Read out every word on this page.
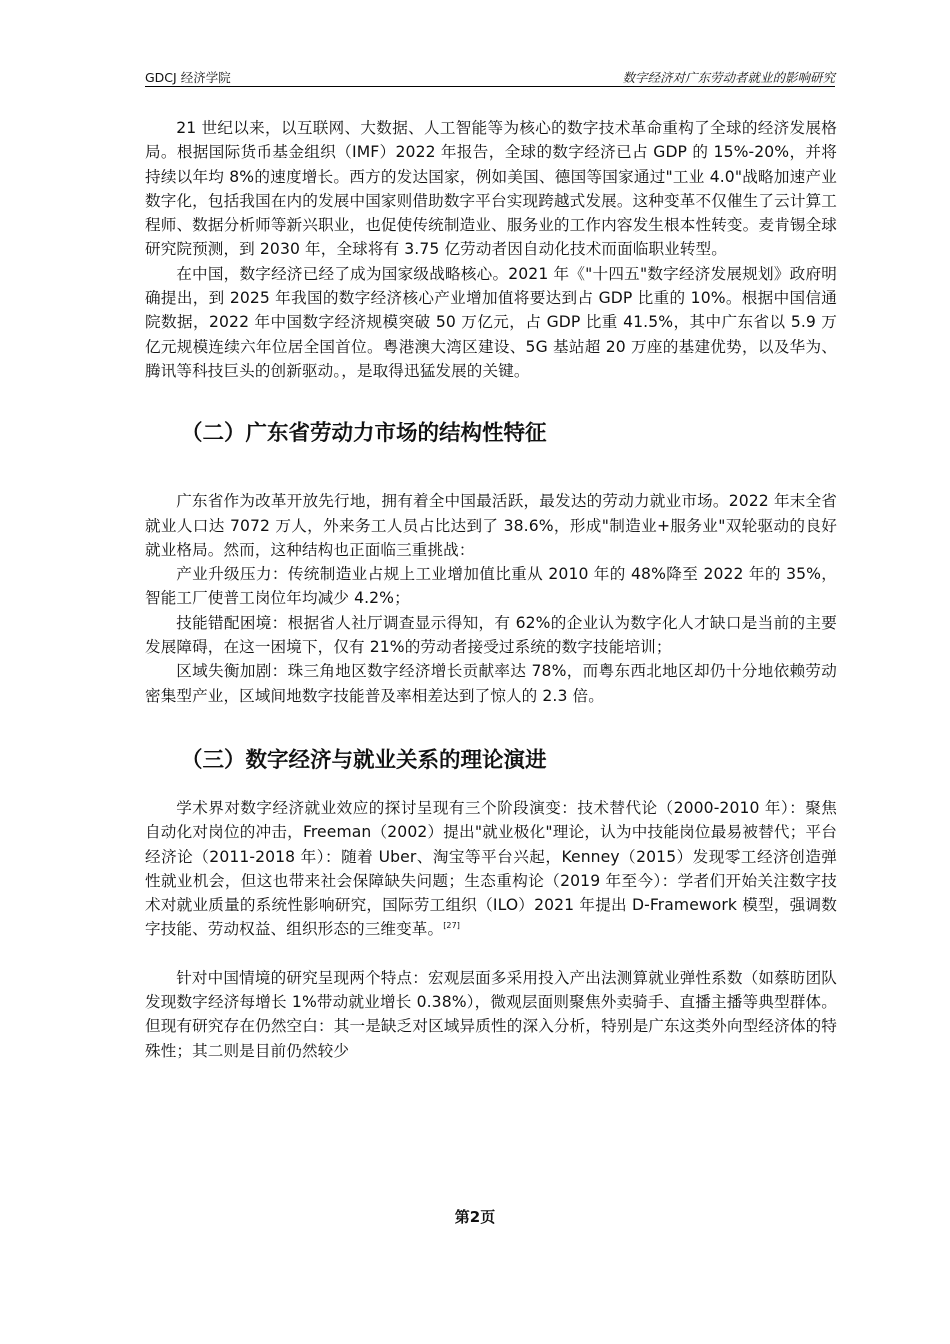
GDCJ 经济学院	数字经济对广东劳动者就业的影响研究

21 世纪以来，以互联网、大数据、人工智能等为核心的数字技术革命重构了全球的经济发展格局。根据国际货币基金组织（IMF）2022 年报告，全球的数字经济已占 GDP 的 15%-20%，并将持续以年均 8%的速度增长。西方的发达国家，例如美国、德国等国家通过"工业 4.0"战略加速产业数字化，包括我国在内的发展中国家则借助数字平台实现跨越式发展。这种变革不仅催生了云计算工程师、数据分析师等新兴职业，也促使传统制造业、服务业的工作内容发生根本性转变。麦肯锡全球研究院预测，到 2030 年，全球将有 3.75 亿劳动者因自动化技术而面临职业转型。

在中国，数字经济已经了成为国家级战略核心。2021 年《"十四五"数字经济发展规划》政府明确提出，到 2025 年我国的数字经济核心产业增加值将要达到占 GDP 比重的 10%。根据中国信通院数据，2022 年中国数字经济规模突破 50 万亿元，占 GDP 比重 41.5%，其中广东省以 5.9 万亿元规模连续六年位居全国首位。粤港澳大湾区建设、5G 基站超 20 万座的基建优势，以及华为、腾讯等科技巨头的创新驱动。，是取得迅猛发展的关键。

（二）广东省劳动力市场的结构性特征

广东省作为改革开放先行地，拥有着全中国最活跃，最发达的劳动力就业市场。2022 年末全省就业人口达 7072 万人，外来务工人员占比达到了 38.6%，形成"制造业+服务业"双轮驱动的良好就业格局。然而，这种结构也正面临三重挑战：

产业升级压力：传统制造业占规上工业增加值比重从 2010 年的 48%降至 2022 年的 35%，智能工厂使普工岗位年均减少 4.2%；

技能错配困境：根据省人社厅调查显示得知，有 62%的企业认为数字化人才缺口是当前的主要发展障碍，在这一困境下，仅有 21%的劳动者接受过系统的数字技能培训；

区域失衡加剧：珠三角地区数字经济增长贡献率达 78%，而粤东西北地区却仍十分地依赖劳动密集型产业，区域间地数字技能普及率相差达到了惊人的 2.3 倍。

（三）数字经济与就业关系的理论演进

学术界对数字经济就业效应的探讨呈现有三个阶段演变：技术替代论（2000-2010 年）：聚焦自动化对岗位的冲击，Freeman（2002）提出"就业极化"理论，认为中技能岗位最易被替代；平台经济论（2011-2018 年）：随着 Uber、淘宝等平台兴起，Kenney（2015）发现零工经济创造弹性就业机会，但这也带来社会保障缺失问题；生态重构论（2019 年至今）：学者们开始关注数字技术对就业质量的系统性影响研究，国际劳工组织（ILO）2021 年提出 D-Framework 模型，强调数字技能、劳动权益、组织形态的三维变革。[27]

针对中国情境的研究呈现两个特点：宏观层面多采用投入产出法测算就业弹性系数（如蔡昉团队发现数字经济每增长 1%带动就业增长 0.38%），微观层面则聚焦外卖骑手、直播主播等典型群体。但现有研究存在仍然空白：其一是缺乏对区域异质性的深入分析，特别是广东这类外向型经济体的特殊性；其二则是目前仍然较少

第2页
